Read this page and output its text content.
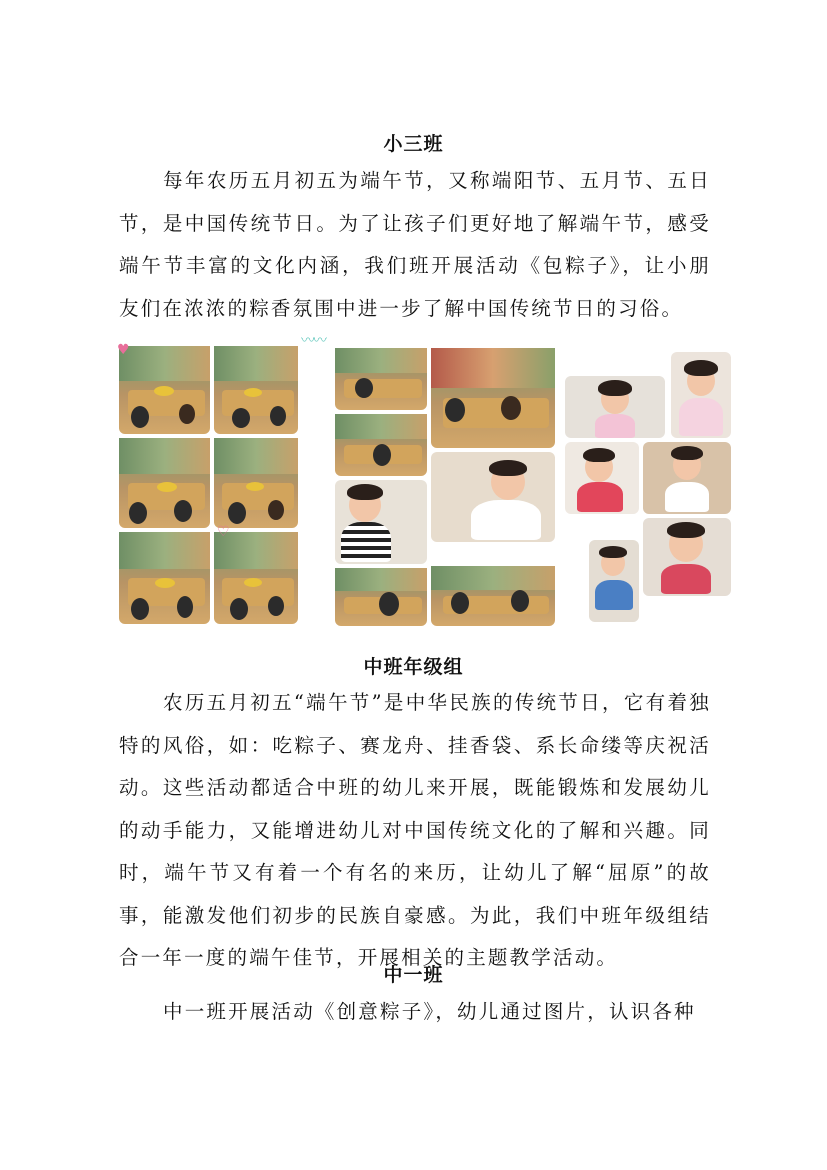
小三班
每年农历五月初五为端午节，又称端阳节、五月节、五日节，是中国传统节日。为了让孩子们更好地了解端午节，感受端午节丰富的文化内涵，我们班开展活动《包粽子》，让小朋友们在浓浓的粽香氛围中进一步了解中国传统节日的习俗。
♥
♡
〰〰
中班年级组
农历五月初五“端午节”是中华民族的传统节日，它有着独特的风俗，如：吃粽子、赛龙舟、挂香袋、系长命缕等庆祝活动。这些活动都适合中班的幼儿来开展，既能锻炼和发展幼儿的动手能力，又能增进幼儿对中国传统文化的了解和兴趣。同时，端午节又有着一个有名的来历，让幼儿了解“屈原”的故事，能激发他们初步的民族自豪感。为此，我们中班年级组结合一年一度的端午佳节，开展相关的主题教学活动。
中一班
中一班开展活动《创意粽子》，幼儿通过图片，认识各种
